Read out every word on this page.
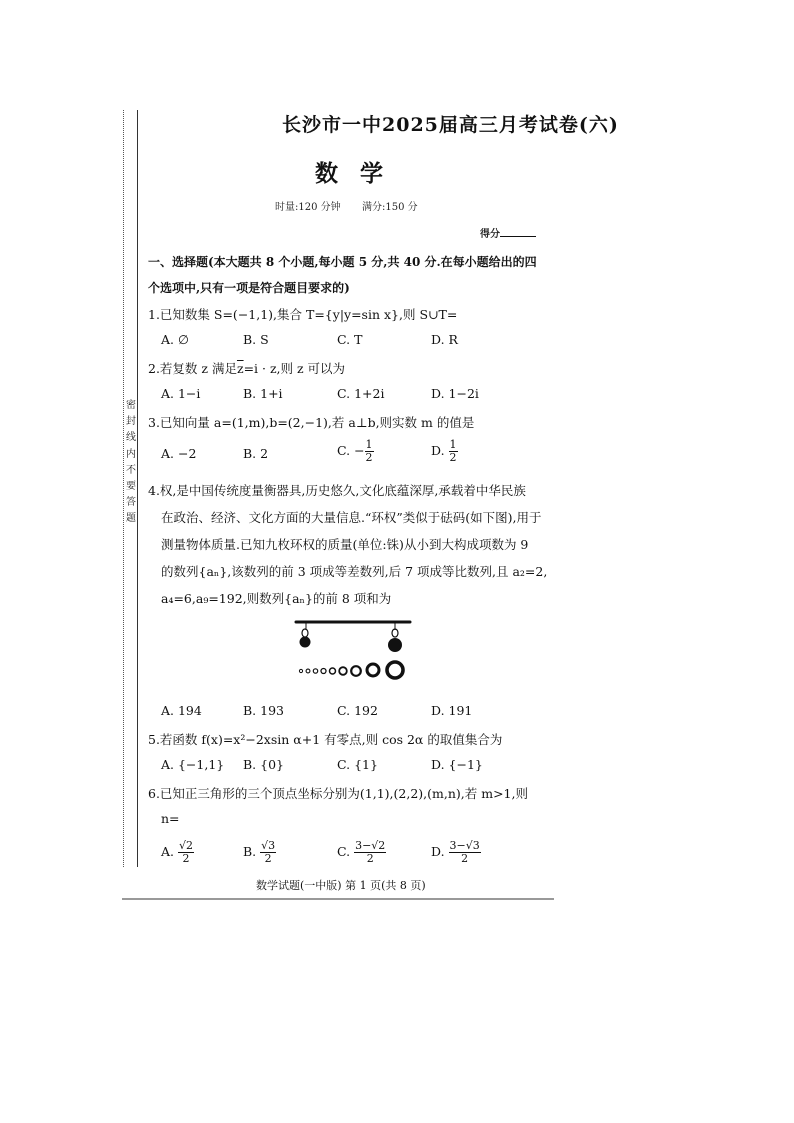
密封线内不要答题
长沙市一中2025届高三月考试卷(六)
数学
时量:120 分钟 满分:150 分
得分
一、选择题(本大题共 8 个小题,每小题 5 分,共 40 分.在每小题给出的四
个选项中,只有一项是符合题目要求的)
1.已知数集 S=(−1,1),集合 T={y|y=sin x},则 S∪T=
A. ∅	B. S	C. T	D. R
2.若复数 z 满足$\overline{z}=i \cdot z$,则 z 可以为
A. 1−i	B. 1+i	C. 1+2i	D. 1−2i
3.已知向量 a=(1,m),b=(2,−1),若 a⊥b,则实数 m 的值是
A. −2	B. 2	C. − $\frac{1}{2}$	D. $\frac{1}{2}$
4.权,是中国传统度量衡器具,历史悠久,文化底蕴深厚,承载着中华民族
在政治、经济、文化方面的大量信息.“环权”类似于砝码(如下图),用于
测量物体质量.已知九枚环权的质量(单位:铢)从小到大构成项数为 9
的数列{aₙ},该数列的前 3 项成等差数列,后 7 项成等比数列,且 a₂=2,
a₄=6,a₉=192,则数列{aₙ}的前 8 项和为
A. 194	B. 193	C. 192	D. 191
5.若函数 f(x)=x²−2xsin α+1 有零点,则 cos 2α 的取值集合为
A. {−1,1} B. {0}	C. {1}	D. {−1}
6.已知正三角形的三个顶点坐标分别为(1,1),(2,2),(m,n),若 m>1,则
n=
A. $\frac{√2}{2}$	B. $\frac{√3}{2}$	C. $\frac{3-√2}{2}$	D. $\frac{3-√3}{2}$
数学试题(一中版) 第 1 页(共 8 页)
